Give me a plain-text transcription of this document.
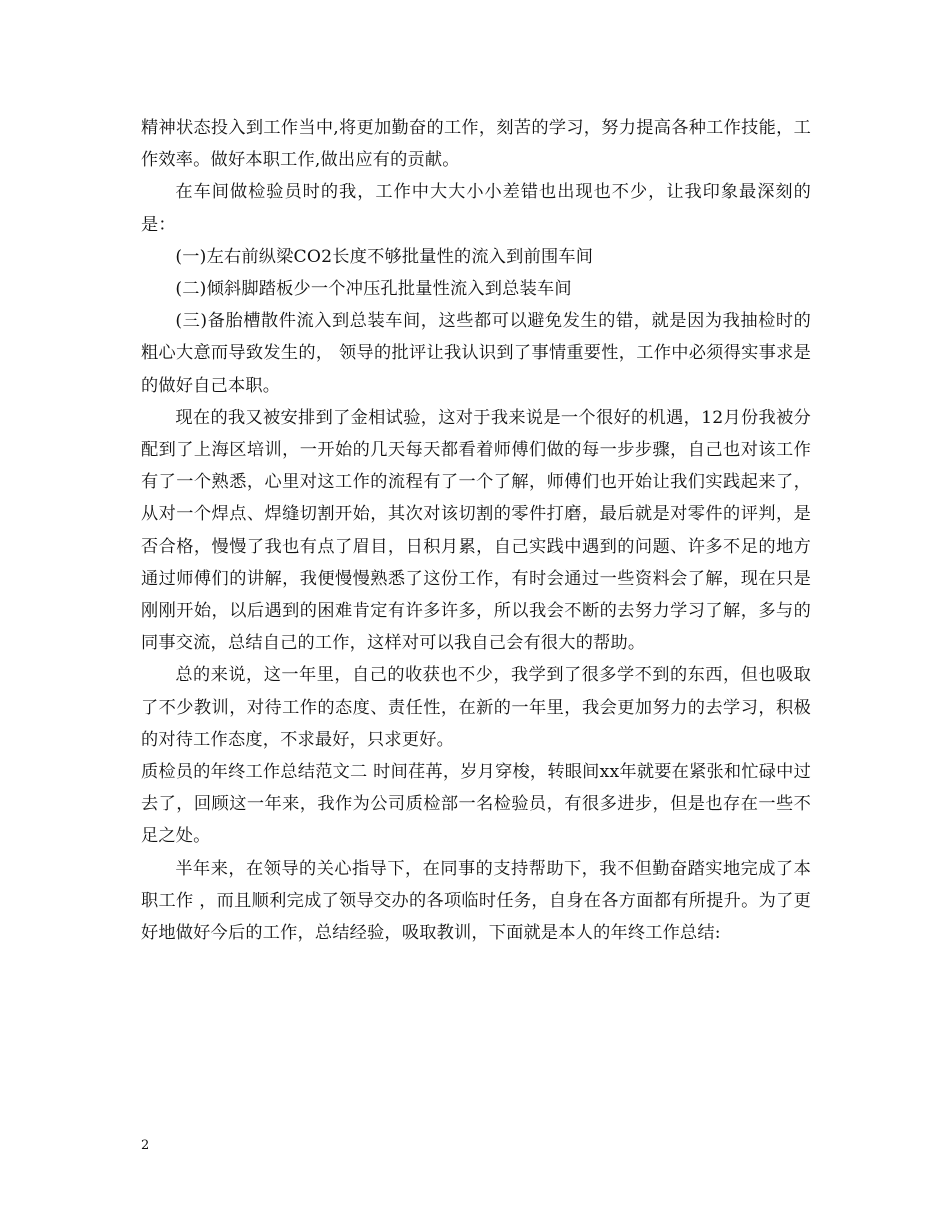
精神状态投入到工作当中,将更加勤奋的工作，刻苦的学习，努力提高各种工作技能，工作效率。做好本职工作,做出应有的贡献。

在车间做检验员时的我，工作中大大小小差错也出现也不少，让我印象最深刻的是：

(一)左右前纵梁CO2长度不够批量性的流入到前围车间

(二)倾斜脚踏板少一个冲压孔批量性流入到总装车间

(三)备胎槽散件流入到总装车间，这些都可以避免发生的错，就是因为我抽检时的粗心大意而导致发生的， 领导的批评让我认识到了事情重要性，工作中必须得实事求是的做好自己本职。

现在的我又被安排到了金相试验，这对于我来说是一个很好的机遇，12月份我被分配到了上海区培训，一开始的几天每天都看着师傅们做的每一步步骤，自己也对该工作有了一个熟悉，心里对这工作的流程有了一个了解，师傅们也开始让我们实践起来了，从对一个焊点、焊缝切割开始，其次对该切割的零件打磨，最后就是对零件的评判，是否合格，慢慢了我也有点了眉目，日积月累，自己实践中遇到的问题、许多不足的地方通过师傅们的讲解，我便慢慢熟悉了这份工作，有时会通过一些资料会了解，现在只是刚刚开始，以后遇到的困难肯定有许多许多，所以我会不断的去努力学习了解，多与的同事交流，总结自己的工作，这样对可以我自己会有很大的帮助。

总的来说，这一年里，自己的收获也不少，我学到了很多学不到的东西，但也吸取了不少教训，对待工作的态度、责任性，在新的一年里，我会更加努力的去学习，积极的对待工作态度，不求最好，只求更好。

质检员的年终工作总结范文二 时间荏苒，岁月穿梭，转眼间xx年就要在紧张和忙碌中过去了，回顾这一年来，我作为公司质检部一名检验员，有很多进步，但是也存在一些不足之处。

半年来，在领导的关心指导下，在同事的支持帮助下，我不但勤奋踏实地完成了本职工作 ，而且顺利完成了领导交办的各项临时任务，自身在各方面都有所提升。为了更好地做好今后的工作，总结经验，吸取教训，下面就是本人的年终工作总结:

2
